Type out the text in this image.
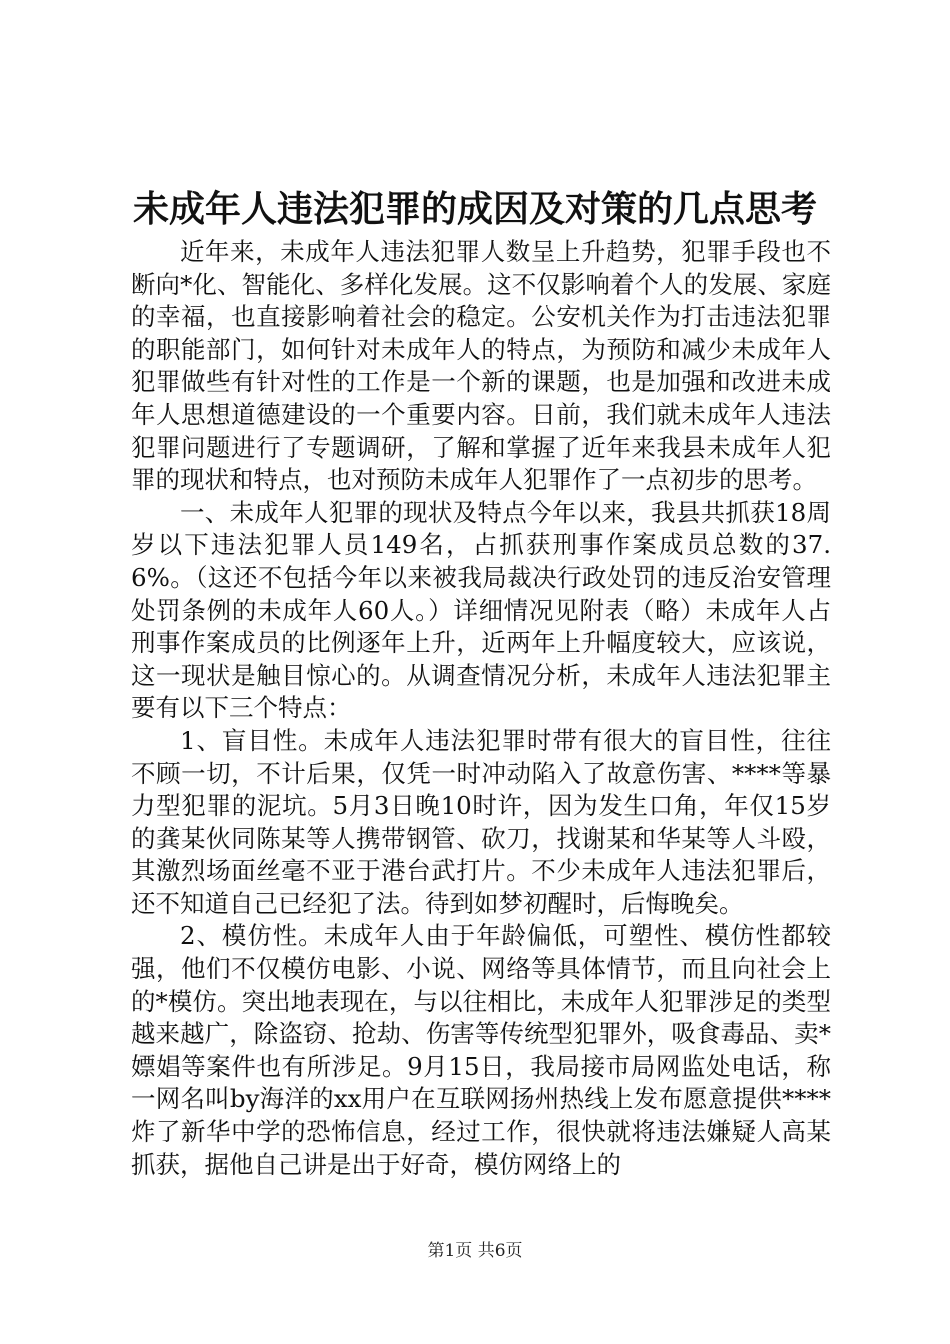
未成年人违法犯罪的成因及对策的几点思考

近年来，未成年人违法犯罪人数呈上升趋势，犯罪手段也不断向*化、智能化、多样化发展。这不仅影响着个人的发展、家庭的幸福，也直接影响着社会的稳定。公安机关作为打击违法犯罪的职能部门，如何针对未成年人的特点，为预防和减少未成年人犯罪做些有针对性的工作是一个新的课题，也是加强和改进未成年人思想道德建设的一个重要内容。日前，我们就未成年人违法犯罪问题进行了专题调研，了解和掌握了近年来我县未成年人犯罪的现状和特点，也对预防未成年人犯罪作了一点初步的思考。

一、未成年人犯罪的现状及特点今年以来，我县共抓获18周岁以下违法犯罪人员149名，占抓获刑事作案成员总数的37.6%。（这还不包括今年以来被我局裁决行政处罚的违反治安管理处罚条例的未成年人60人。）详细情况见附表（略）未成年人占刑事作案成员的比例逐年上升，近两年上升幅度较大，应该说，这一现状是触目惊心的。从调查情况分析，未成年人违法犯罪主要有以下三个特点：

1、盲目性。未成年人违法犯罪时带有很大的盲目性，往往不顾一切，不计后果，仅凭一时冲动陷入了故意伤害、****等暴力型犯罪的泥坑。5月3日晚10时许，因为发生口角，年仅15岁的龚某伙同陈某等人携带钢管、砍刀，找谢某和华某等人斗殴，其激烈场面丝毫不亚于港台武打片。不少未成年人违法犯罪后，还不知道自己已经犯了法。待到如梦初醒时，后悔晚矣。

2、模仿性。未成年人由于年龄偏低，可塑性、模仿性都较强，他们不仅模仿电影、小说、网络等具体情节，而且向社会上的*模仿。突出地表现在，与以往相比，未成年人犯罪涉足的类型越来越广，除盗窃、抢劫、伤害等传统型犯罪外，吸食毒品、卖*嫖娼等案件也有所涉足。9月15日，我局接市局网监处电话，称一网名叫by海洋的xx用户在互联网扬州热线上发布愿意提供****炸了新华中学的恐怖信息，经过工作，很快就将违法嫌疑人高某抓获，据他自己讲是出于好奇，模仿网络上的

第1页 共6页
